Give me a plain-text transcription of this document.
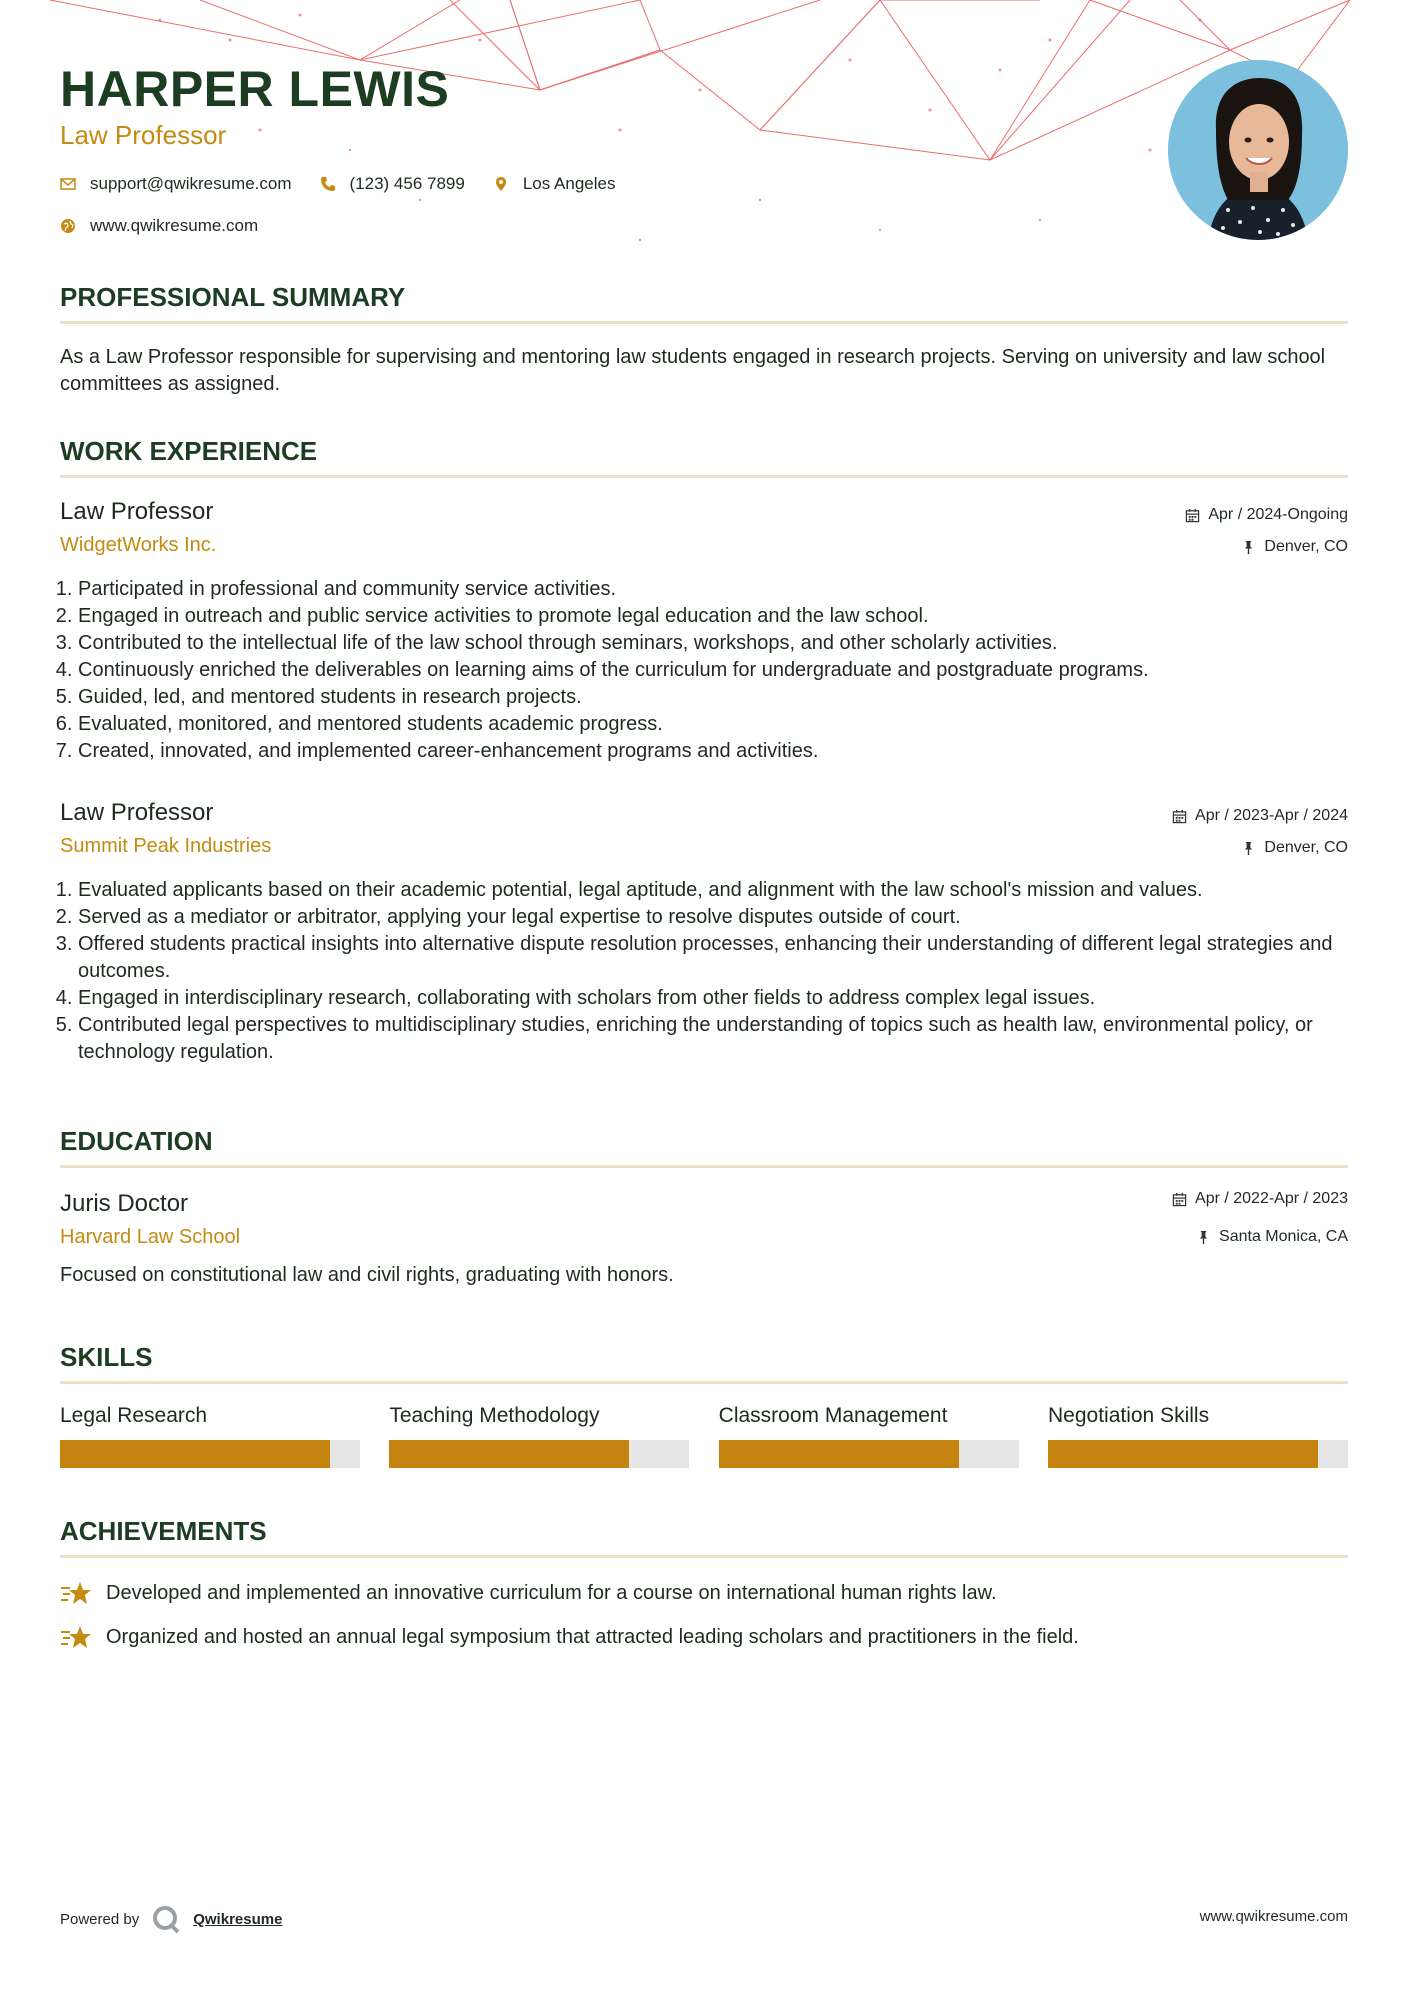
HARPER LEWIS
Law Professor
support@qwikresume.com	(123) 456 7899	Los Angeles
www.qwikresume.com
PROFESSIONAL SUMMARY
As a Law Professor responsible for supervising and mentoring law students engaged in research projects. Serving on university and law school committees as assigned.
WORK EXPERIENCE
Law Professor
WidgetWorks Inc.
Apr / 2024-Ongoing
Denver, CO
1. Participated in professional and community service activities.
2. Engaged in outreach and public service activities to promote legal education and the law school.
3. Contributed to the intellectual life of the law school through seminars, workshops, and other scholarly activities.
4. Continuously enriched the deliverables on learning aims of the curriculum for undergraduate and postgraduate programs.
5. Guided, led, and mentored students in research projects.
6. Evaluated, monitored, and mentored students academic progress.
7. Created, innovated, and implemented career-enhancement programs and activities.
Law Professor
Summit Peak Industries
Apr / 2023-Apr / 2024
Denver, CO
1. Evaluated applicants based on their academic potential, legal aptitude, and alignment with the law school's mission and values.
2. Served as a mediator or arbitrator, applying your legal expertise to resolve disputes outside of court.
3. Offered students practical insights into alternative dispute resolution processes, enhancing their understanding of different legal strategies and outcomes.
4. Engaged in interdisciplinary research, collaborating with scholars from other fields to address complex legal issues.
5. Contributed legal perspectives to multidisciplinary studies, enriching the understanding of topics such as health law, environmental policy, or technology regulation.
EDUCATION
Juris Doctor
Harvard Law School
Apr / 2022-Apr / 2023
Santa Monica, CA
Focused on constitutional law and civil rights, graduating with honors.
SKILLS
Legal Research	Teaching Methodology	Classroom Management	Negotiation Skills
ACHIEVEMENTS
Developed and implemented an innovative curriculum for a course on international human rights law.
Organized and hosted an annual legal symposium that attracted leading scholars and practitioners in the field.
Powered by	Qwikresume	www.qwikresume.com
